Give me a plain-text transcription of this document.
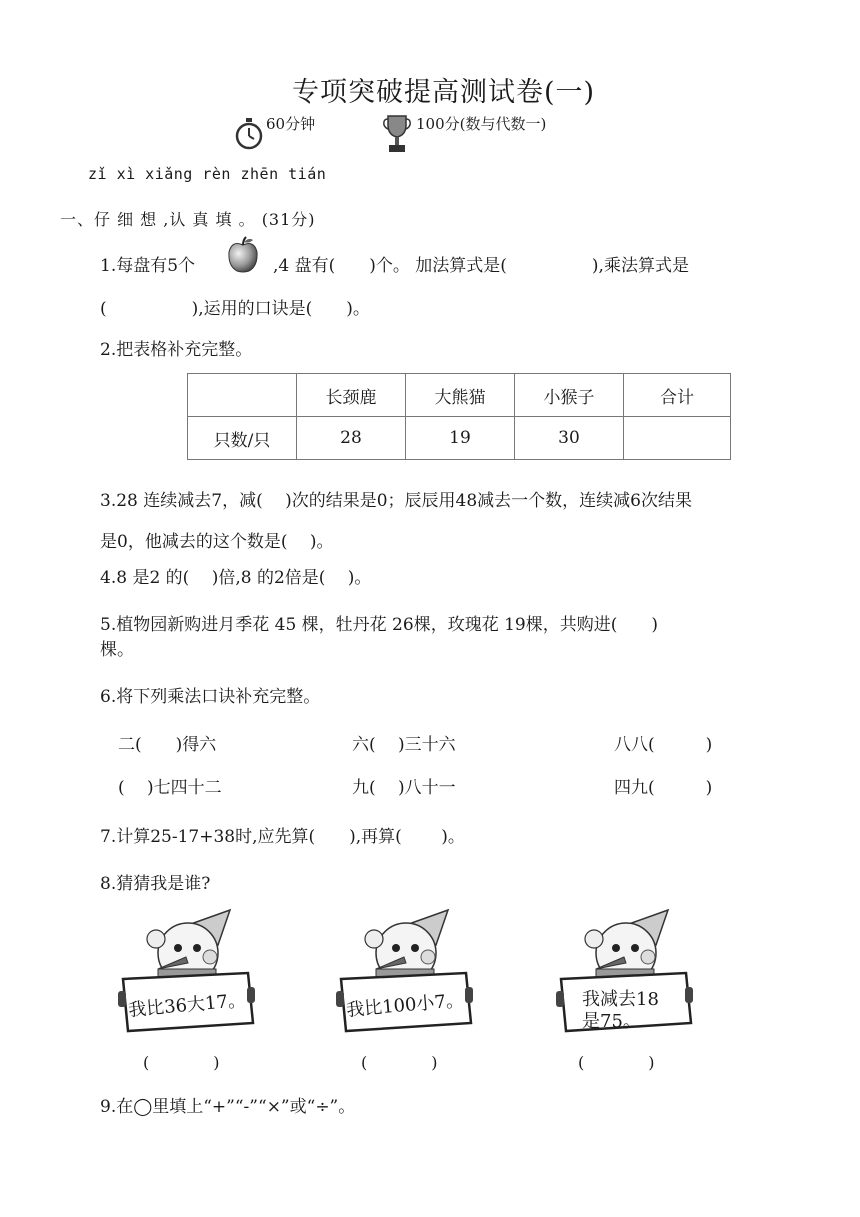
专项突破提高测试卷(一)
60分钟	100分(数与代数一)
zǐ xì xiǎng rèn zhēn tián
一、仔 细 想 ,认 真 填 。 (31分)
1.每盘有5个	,4 盘有(　　)个。 加法算式是(　　　　　),乘法算式是
(　　　　　),运用的口诀是(　　)。
2.把表格补充完整。
	长颈鹿	大熊猫	小猴子	合计
只数/只	28	19	30	
3.28 连续减去7，减(　 )次的结果是0；辰辰用48减去一个数，连续减6次结果
是0，他减去的这个数是(　 )。
4.8 是2 的(　 )倍,8 的2倍是(　 )。
5.植物园新购进月季花 45 棵，牡丹花 26棵，玫瑰花 19棵，共购进(　　)
棵。
6.将下列乘法口诀补充完整。
二(　　)得六	六(　 )三十六	八八(　　　)
(　 )七四十二	九(　 )八十一	四九(　　　)
7.计算25-17+38时,应先算(　　),再算(　　 )。
8.猜猜我是谁?
我比36大17。	我比100小7。	我减去18
是75。
(　　　　)	(　　　　)	(　　　　)
9.在◯里填上“+”“-”“×”或“÷”。
